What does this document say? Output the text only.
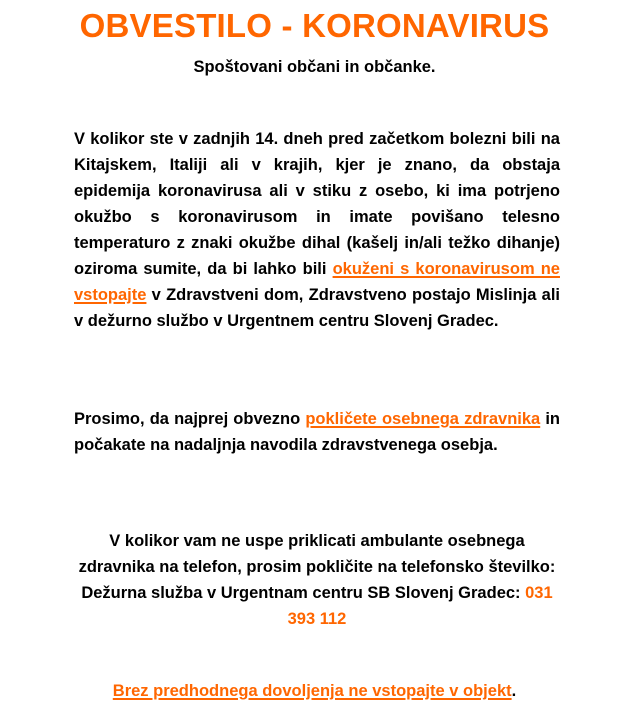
OBVESTILO - KORONAVIRUS
Spoštovani občani in občanke.
V kolikor ste v zadnjih 14. dneh pred začetkom bolezni bili na Kitajskem, Italiji ali v krajih, kjer je znano, da obstaja epidemija koronavirusa ali v stiku z osebo, ki ima potrjeno okužbo s koronavirusom in imate povišano telesno temperaturo z znaki okužbe dihal (kašelj in/ali težko dihanje) oziroma sumite, da bi lahko bili okuženi s koronavirusom ne vstopajte v Zdravstveni dom, Zdravstveno postajo Mislinja ali v dežurno službo v Urgentnem centru Slovenj Gradec.
Prosimo, da najprej obvezno pokličete osebnega zdravnika in počakate na nadaljnja navodila zdravstvenega osebja.
V kolikor vam ne uspe priklicati ambulante osebnega zdravnika na telefon, prosim pokličite na telefonsko številko: Dežurna služba v Urgentnam centru SB Slovenj Gradec: 031 393 112
Brez predhodnega dovoljenja ne vstopajte v objekt.
